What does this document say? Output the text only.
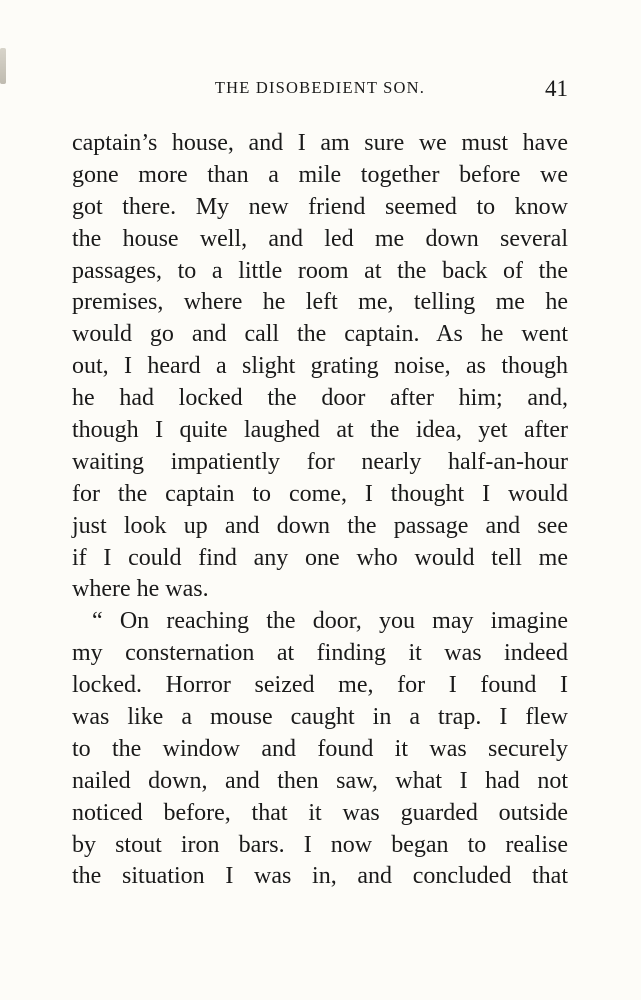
THE DISOBEDIENT SON.	41
captain’s house, and I am sure we must have
gone more than a mile together before we
got there. My new friend seemed to know
the house well, and led me down several
passages, to a little room at the back of the
premises, where he left me, telling me he
would go and call the captain. As he went
out, I heard a slight grating noise, as though
he had locked the door after him; and,
though I quite laughed at the idea, yet after
waiting impatiently for nearly half-an-hour
for the captain to come, I thought I would
just look up and down the passage and see
if I could find any one who would tell me
where he was.
“ On reaching the door, you may imagine
my consternation at finding it was indeed
locked. Horror seized me, for I found I
was like a mouse caught in a trap. I flew
to the window and found it was securely
nailed down, and then saw, what I had not
noticed before, that it was guarded outside
by stout iron bars. I now began to realise
the situation I was in, and concluded that
